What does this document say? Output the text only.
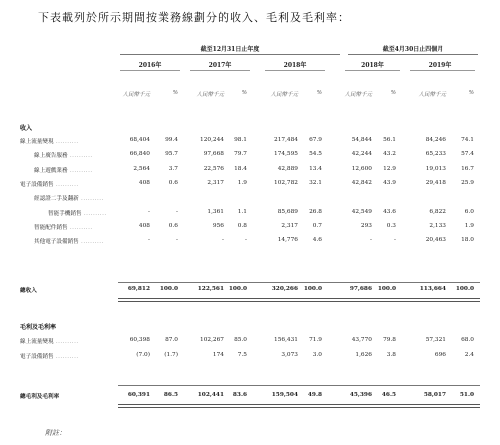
下表載列於所示期間按業務線劃分的收入、毛利及毛利率：
截至12月31日止年度	截至4月30日止四個月
2016年	2017年	2018年	2018年	2019年
人民幣千元	%	人民幣千元	%	人民幣千元	%	人民幣千元	%	人民幣千元	%
收入
線上流量變現 ..........	68,404	99.4	120,244 98.1	217,484 67.9	54,844 56.1	84,246	74.1
線上廣告服務 ..........	66,840	95.7	97,668 79.7	174,595 54.5	42,244 43.2	65,233	57.4
線上遊戲業務 ..........	2,564	3.7	22,576 18.4	42,889 13.4	12,600 12.9	19,013	16.7
電子設備銷售 ..........	408	0.6	2,317 1.9	102,782 32.1	42,842 43.9	29,418	25.9
經認證二手及翻新 ..........
智能手機銷售 ..........	-	-	1,361 1.1	85,689 26.8	42,549 43.6	6,822	6.0
智能配件銷售 ..........	408	0.6	956 0.8	2,317	0.7	293	0.3	2,133	1.9
其他電子設備銷售 ..........	-	-	-	-	14,776	4.6	-	-	20,463	18.0
總收入	69,812 100.0	122,561 100.0	320,266 100.0	97,686 100.0	113,664 100.0
毛利及毛利率
線上流量變現 ..........	60,398	87.0	102,267 85.0	156,431 71.9	43,770 79.8	57,321	68.0
電子設備銷售 ..........	(7.0) (1.7)	174 7.5	3,073	3.0	1,626	3.8	696	2.4
總毛利及毛利率	60,391 86.5	102,441 83.6	159,504 49.8	45,396 46.5	58,017 51.0
附註：
